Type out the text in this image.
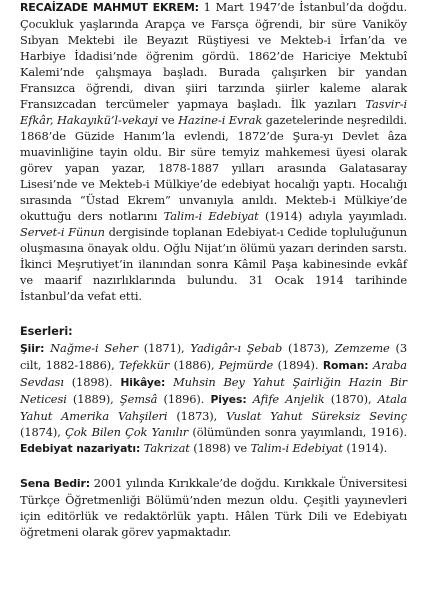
RECAİZADE MAHMUT EKREM: 1 Mart 1947’de İstanbul’da doğdu. Çocukluk yaşlarında Arapça ve Farsça öğrendi, bir süre Vaniköy Sıbyan Mektebi ile Beyazıt Rüştiyesi ve Mekteb-i İrfan’da ve Harbiye İdadisi’nde öğrenim gördü. 1862’de Hariciye Mektubî Kalemi’nde çalışmaya başladı. Burada çalışırken bir yandan Fransızca öğrendi, divan şiiri tarzında şiirler kaleme alarak Fransızcadan tercümeler yapmaya başladı. İlk yazıları Tasvir-i Efkâr, Hakayıkü’l-vekayi ve Hazine-i Evrak gazetelerinde neşredildi. 1868’de Güzide Hanım’la evlendi, 1872’de Şura-yı Devlet âza muavinliğine tayin oldu. Bir süre temyiz mahkemesi üyesi olarak görev yapan yazar, 1878-1887 yılları arasında Galatasaray Lisesi’nde ve Mekteb-i Mülkiye’de edebiyat hocalığı yaptı. Hocalığı sırasında “Üstad Ekrem” unvanıyla anıldı. Mekteb-i Mülkiye’de okuttuğu ders notlarını Talim-i Edebiyat (1914) adıyla yayımladı. Servet-i Fünun dergisinde toplanan Edebiyat-ı Cedide topluluğunun oluşmasına önayak oldu. Oğlu Nijat’ın ölümü yazarı derinden sarstı. İkinci Meşrutiyet’in ilanından sonra Kâmil Paşa kabinesinde evkâf ve maarif nazırlıklarında bulundu. 31 Ocak 1914 tarihinde İstanbul’da vefat etti.

Eserleri:

Şiir: Nağme-i Seher (1871), Yadigâr-ı Şebab (1873), Zemzeme (3 cilt, 1882-1886), Tefekkür (1886), Pejmürde (1894). Roman: Araba Sevdası (1898). Hikâye: Muhsin Bey Yahut Şairliğin Hazin Bir Neticesi (1889), Şemsâ (1896). Piyes: Afife Anjelik (1870), Atala Yahut Amerika Vahşileri (1873), Vuslat Yahut Süreksiz Sevinç (1874), Çok Bilen Çok Yanılır (ölümünden sonra yayımlandı, 1916). Edebiyat nazariyatı: Takrizat (1898) ve Talim-i Edebiyat (1914).

Sena Bedir: 2001 yılında Kırıkkale’de doğdu. Kırıkkale Üniversitesi Türkçe Öğretmenliği Bölümü’nden mezun oldu. Çeşitli yayınevleri için editörlük ve redaktörlük yaptı. Hâlen Türk Dili ve Edebiyatı öğretmeni olarak görev yapmaktadır.
